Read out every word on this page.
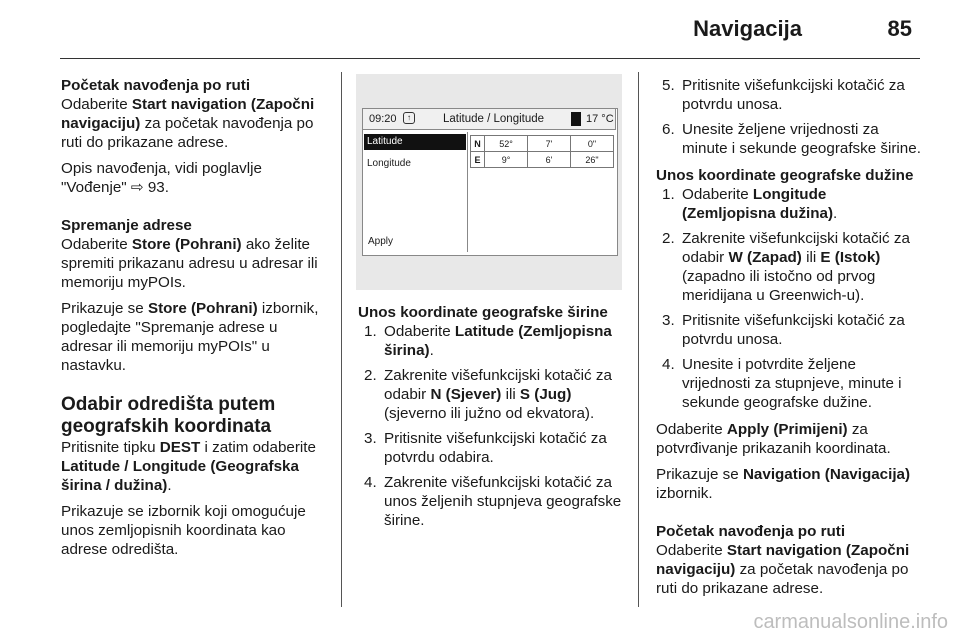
Navigacija	85

Početak navođenja po ruti

Odaberite Start navigation (Započni navigaciju) za početak navođenja po ruti do prikazane adrese.

Opis navođenja, vidi poglavlje "Vođenje" ⇨ 93.

Spremanje adrese

Odaberite Store (Pohrani) ako želite spremiti prikazanu adresu u adresar ili memoriju myPOIs.

Prikazuje se Store (Pohrani) izbornik, pogledajte "Spremanje adrese u adresar ili memoriju myPOIs" u nastavku.

Odabir odredišta putem geografskih koordinata

Pritisnite tipku DEST i zatim odaberite Latitude / Longitude (Geografska širina / dužina).

Prikazuje se izbornik koji omogućuje unos zemljopisnih koordinata kao adrese odredišta.

09:20	↑	Latitude / Longitude	17 °C
Latitude
Longitude
N	52°	7'	0"
E	9°	6'	26"
Apply

Unos koordinate geografske širine

1. Odaberite Latitude (Zemljopisna širina).
2. Zakrenite višefunkcijski kotačić za odabir N (Sjever) ili S (Jug) (sjeverno ili južno od ekvatora).
3. Pritisnite višefunkcijski kotačić za potvrdu odabira.
4. Zakrenite višefunkcijski kotačić za unos željenih stupnjeva geografske širine.
5. Pritisnite višefunkcijski kotačić za potvrdu unosa.
6. Unesite željene vrijednosti za minute i sekunde geografske širine.

Unos koordinate geografske dužine

1. Odaberite Longitude (Zemljopisna dužina).
2. Zakrenite višefunkcijski kotačić za odabir W (Zapad) ili E (Istok) (zapadno ili istočno od prvog meridijana u Greenwich-u).
3. Pritisnite višefunkcijski kotačić za potvrdu unosa.
4. Unesite i potvrdite željene vrijednosti za stupnjeve, minute i sekunde geografske dužine.

Odaberite Apply (Primijeni) za potvrđivanje prikazanih koordinata.

Prikazuje se Navigation (Navigacija) izbornik.

Početak navođenja po ruti

Odaberite Start navigation (Započni navigaciju) za početak navođenja po ruti do prikazane adrese.

carmanualsonline.info
